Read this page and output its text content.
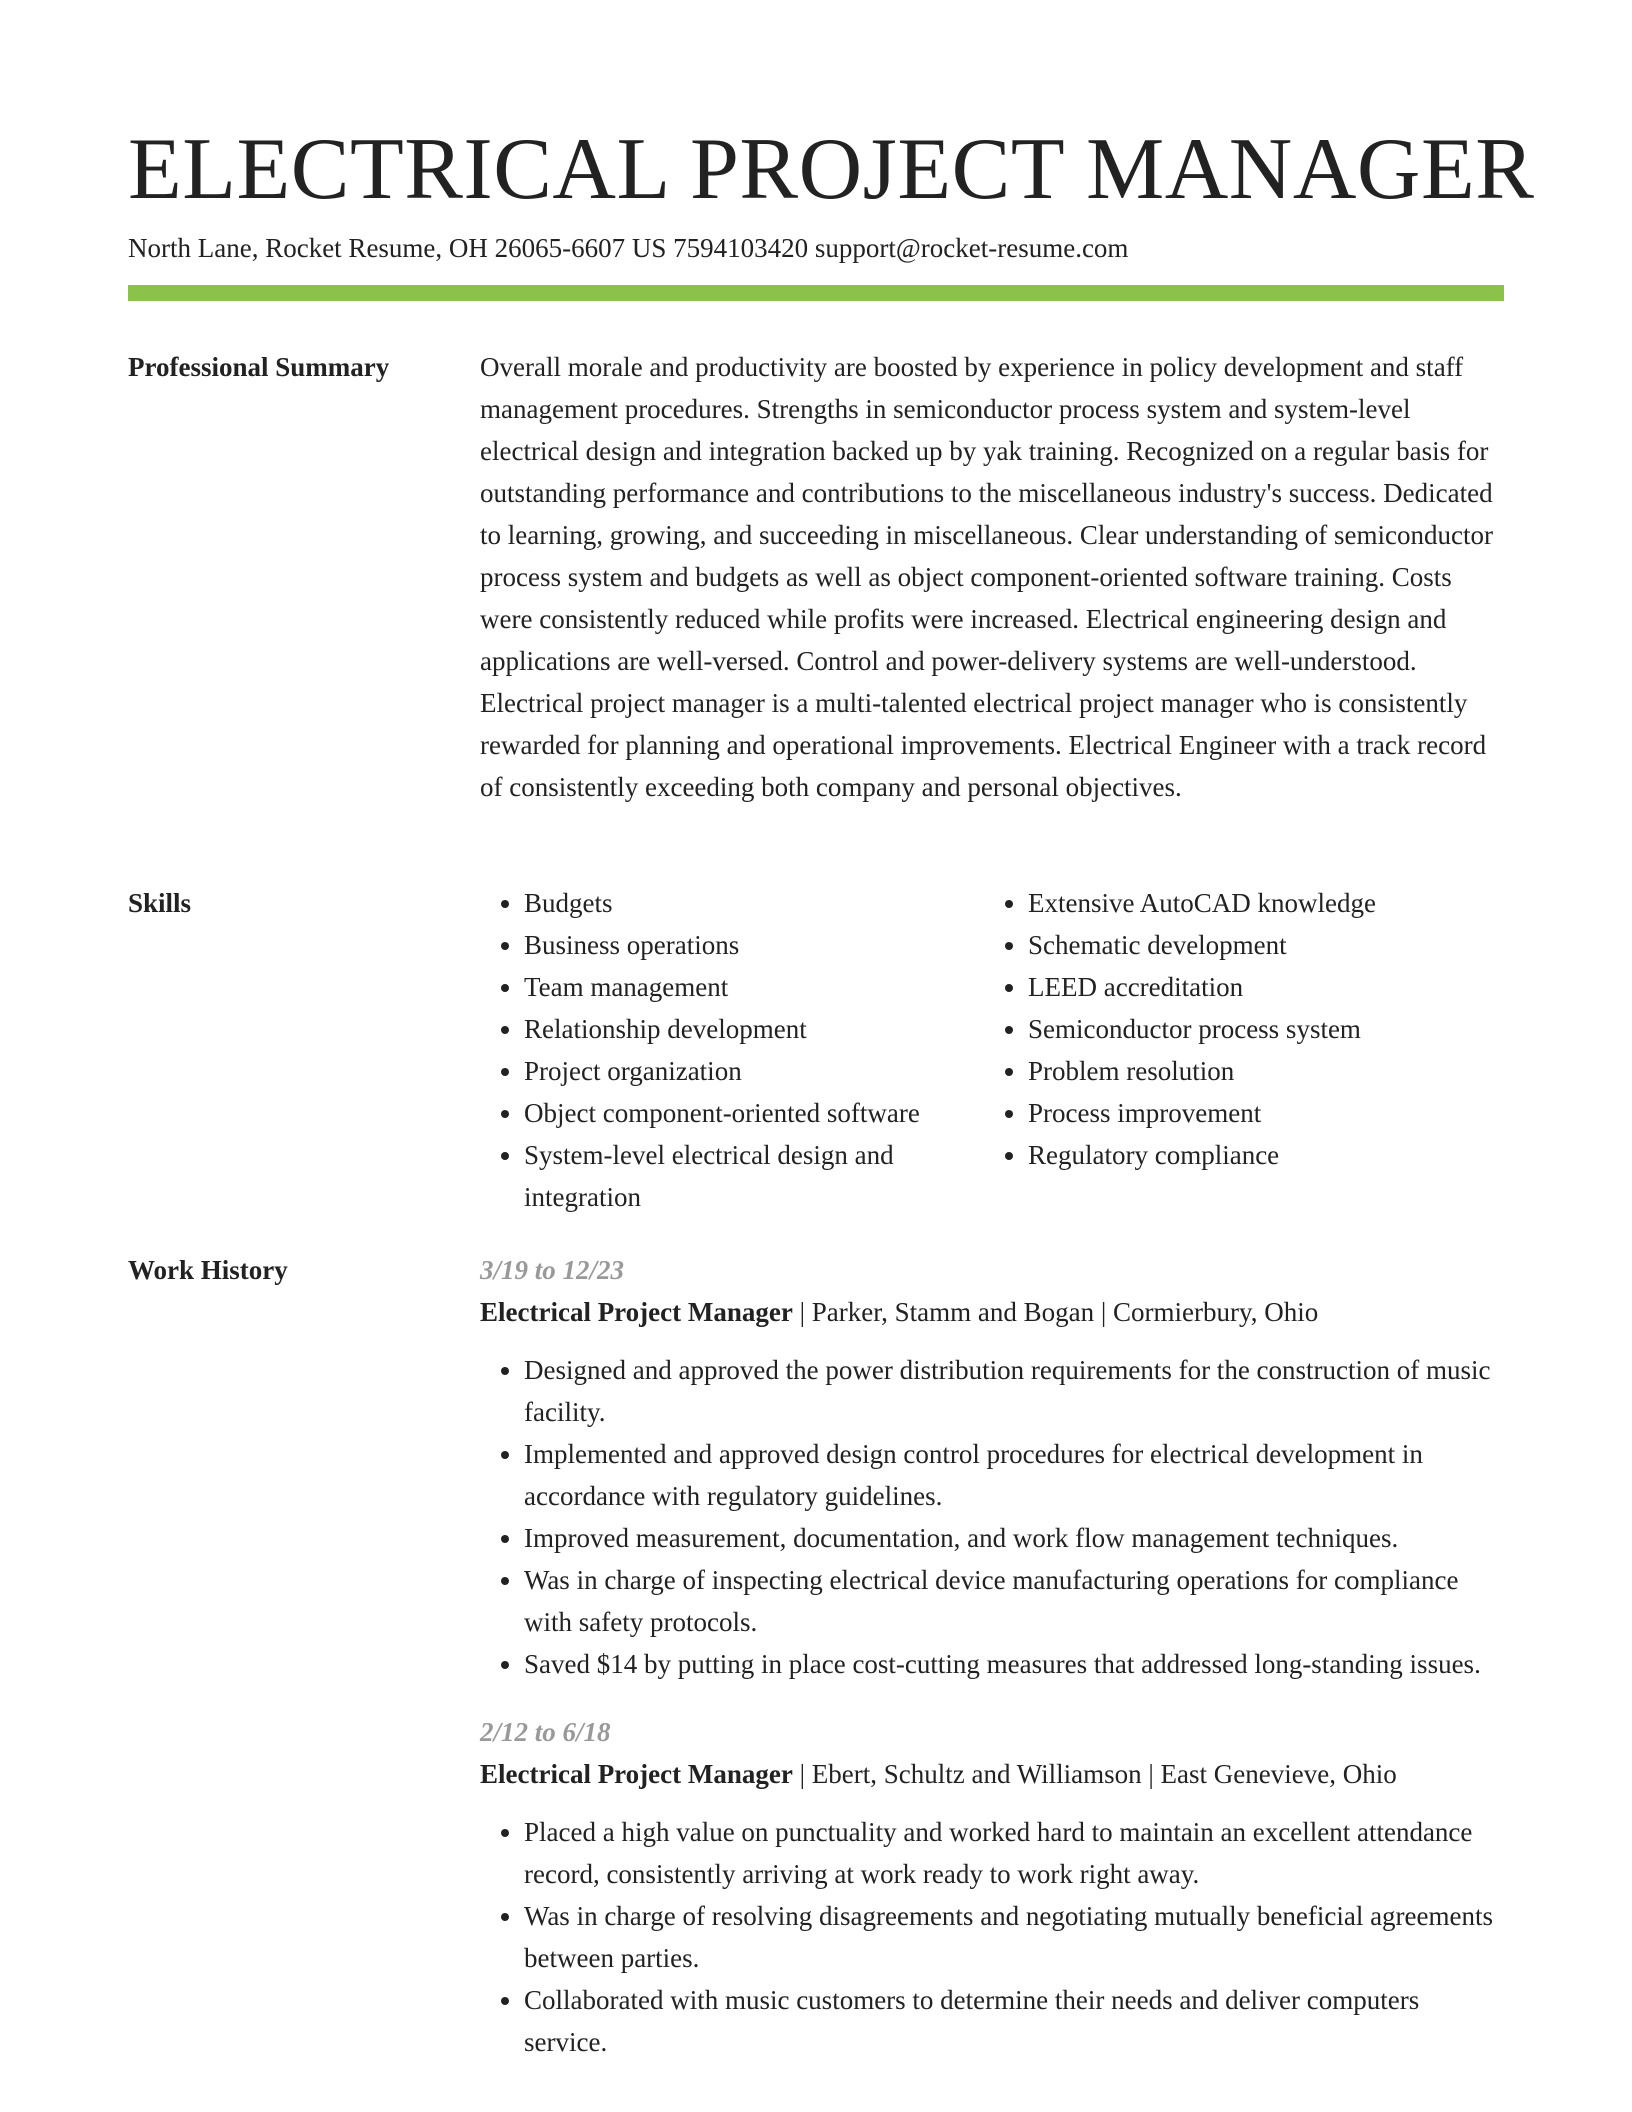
ELECTRICAL PROJECT MANAGER
North Lane, Rocket Resume, OH 26065-6607 US 7594103420 support@rocket-resume.com
Professional Summary	Overall morale and productivity are boosted by experience in policy development and staff management procedures. Strengths in semiconductor process system and system-level electrical design and integration backed up by yak training. Recognized on a regular basis for outstanding performance and contributions to the miscellaneous industry's success. Dedicated to learning, growing, and succeeding in miscellaneous. Clear understanding of semiconductor process system and budgets as well as object component-oriented software training. Costs were consistently reduced while profits were increased. Electrical engineering design and applications are well-versed. Control and power-delivery systems are well-understood. Electrical project manager is a multi-talented electrical project manager who is consistently rewarded for planning and operational improvements. Electrical Engineer with a track record of consistently exceeding both company and personal objectives.

Skills
•	Budgets
• Business operations
• Team management
• Relationship development
• Project organization
• Object component-oriented software
• System-level electrical design and integration
• Extensive AutoCAD knowledge
• Schematic development
• LEED accreditation
• Semiconductor process system
• Problem resolution
• Process improvement
• Regulatory compliance
Work History	3/19 to 12/23
Electrical Project Manager | Parker, Stamm and Bogan | Cormierbury, Ohio
• Designed and approved the power distribution requirements for the construction of music facility.
• Implemented and approved design control procedures for electrical development in accordance with regulatory guidelines.
• Improved measurement, documentation, and work flow management techniques.
• Was in charge of inspecting electrical device manufacturing operations for compliance with safety protocols.
• Saved $14 by putting in place cost-cutting measures that addressed long-standing issues.
2/12 to 6/18
Electrical Project Manager | Ebert, Schultz and Williamson | East Genevieve, Ohio
• Placed a high value on punctuality and worked hard to maintain an excellent attendance record, consistently arriving at work ready to work right away.
• Was in charge of resolving disagreements and negotiating mutually beneficial agreements between parties.
• Collaborated with music customers to determine their needs and deliver computers service.
